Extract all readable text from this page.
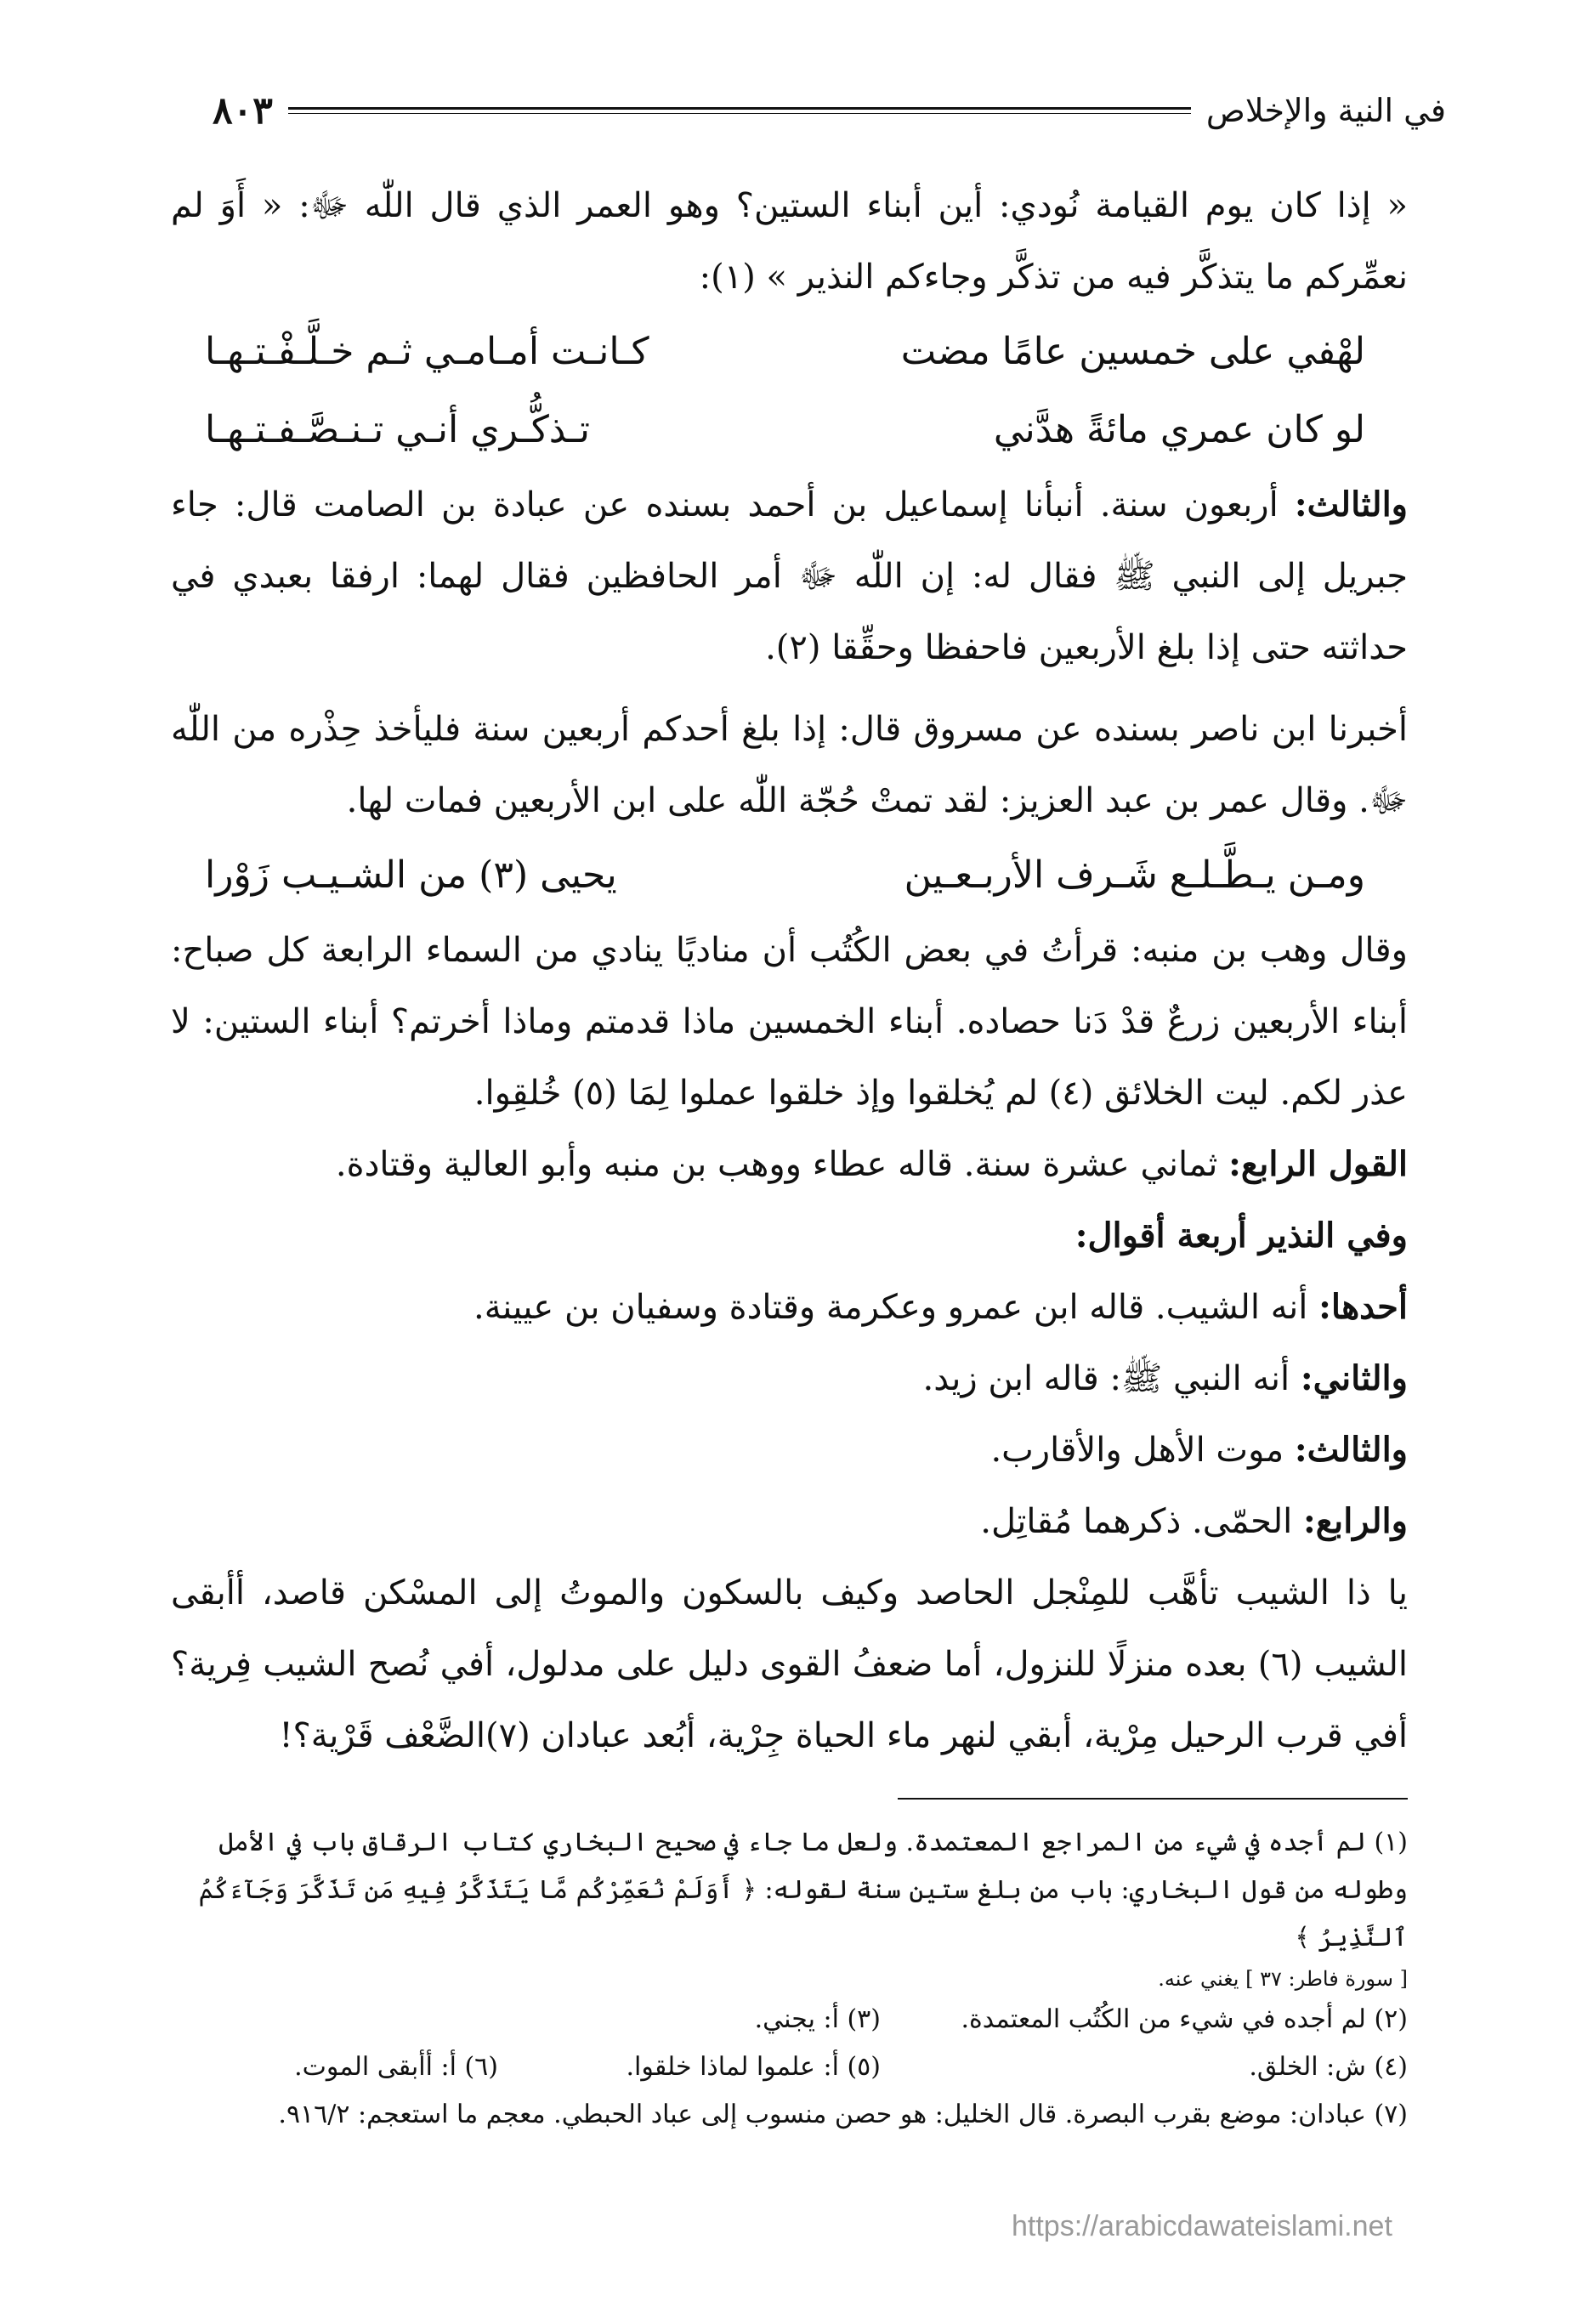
في النية والإخلاص
٨٠٣

« إذا كان يوم القيامة نُودي: أين أبناء الستين؟ وهو العمر الذي قال اللّٰه ﷻ: « أَوَ لم نعمِّركم ما يتذكَّر فيه من تذكَّر وجاءكم النذير » (١):

لهْفي على خمسين عامًا مضت
كـانـت أمـامـي ثـم خـلَّـفْـتـهـا
لو كان عمري مائةً هدَّني
تـذكُّـري أنـي تـنـصَّـفـتـهـا

والثالث: أربعون سنة. أنبأنا إسماعيل بن أحمد بسنده عن عبادة بن الصامت قال: جاء جبريل إلى النبي ﷺ فقال له: إن اللّٰه ﷻ أمر الحافظين فقال لهما: ارفقا بعبدي في حداثته حتى إذا بلغ الأربعين فاحفظا وحقِّقا (٢).

أخبرنا ابن ناصر بسنده عن مسروق قال: إذا بلغ أحدكم أربعين سنة فليأخذ حِذْره من اللّٰه ﷻ. وقال عمر بن عبد العزيز: لقد تمتْ حُجّة اللّٰه على ابن الأربعين فمات لها.

ومـن يـطَّـلـع شَـرف الأربـعـين
يحيى (٣) من الشـيـب زَوْرا

وقال وهب بن منبه: قرأتُ في بعض الكُتُب أن مناديًا ينادي من السماء الرابعة كل صباح: أبناء الأربعين زرعٌ قدْ دَنا حصاده. أبناء الخمسين ماذا قدمتم وماذا أخرتم؟ أبناء الستين: لا عذر لكم. ليت الخلائق (٤) لم يُخلقوا وإذ خلقوا عملوا لِمَا (٥) خُلقِوا.

القول الرابع: ثماني عشرة سنة. قاله عطاء ووهب بن منبه وأبو العالية وقتادة.

وفي النذير أربعة أقوال:

أحدها: أنه الشيب. قاله ابن عمرو وعكرمة وقتادة وسفيان بن عيينة.

والثاني: أنه النبي ﷺ: قاله ابن زيد.

والثالث: موت الأهل والأقارب.

والرابع: الحمّى. ذكرهما مُقاتِل.

يا ذا الشيب تأهَّب للمِنْجل الحاصد وكيف بالسكون والموتُ إلى المسْكن قاصد، أأبقى الشيب (٦) بعده منزلًا للنزول، أما ضعفُ القوى دليل على مدلول، أفي نُصح الشيب فِرية؟ أفي قرب الرحيل مِرْية، أبقي لنهر ماء الحياة جِرْية، أبُعد عبادان (٧)الضَّعْف قَرْية؟!

(١) لم أجده في شيء من المراجع المعتمدة. ولعل ما جاء في صحيح البخاري كتاب الرقاق باب في الأمل وطوله من قول البخاري: باب من بلغ ستين سنة لقوله: ﴿ أَوَلَمْ نُعَمِّرْكُم مَّا يَتَذَكَّرُ فِيهِ مَن تَذَكَّرَ وَجَآءَكُمُ ٱلنَّذِيرُ ﴾

[ سورة فاطر: ٣٧ ] يغني عنه.

(٢) لم أجده في شيء من الكُتُب المعتمدة.
(٣) أ: يجني.
(٤) ش: الخلق.
(٥) أ: علموا لماذا خلقوا.
(٦) أ: أأبقى الموت.

(٧) عبادان: موضع بقرب البصرة. قال الخليل: هو حصن منسوب إلى عباد الحبطي. معجم ما استعجم: ٩١٦/٢.

https://arabicdawateislami.net
